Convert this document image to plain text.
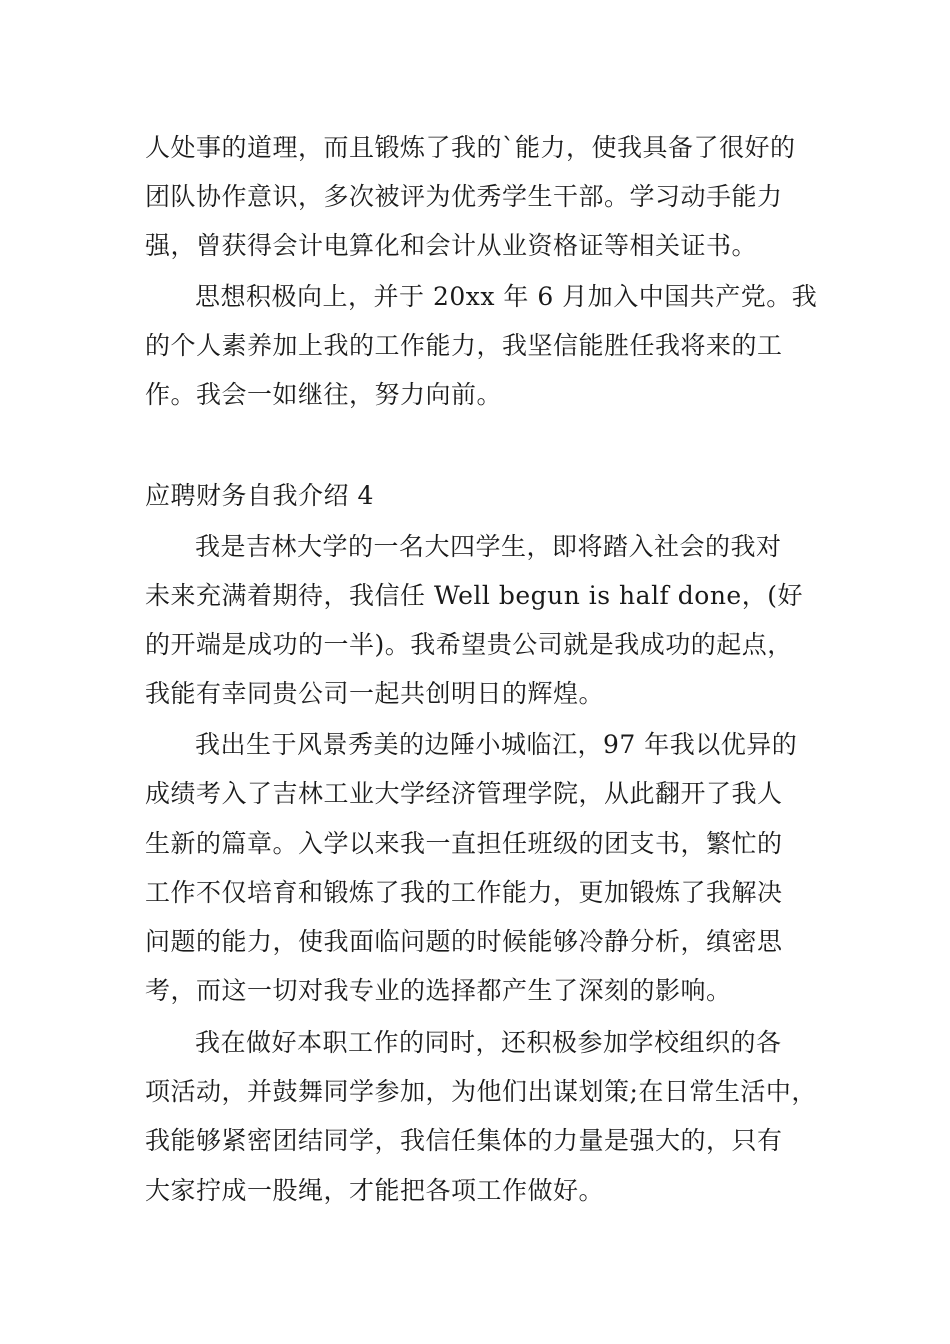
人处事的道理，而且锻炼了我的`能力，使我具备了很好的
团队协作意识，多次被评为优秀学生干部。学习动手能力
强，曾获得会计电算化和会计从业资格证等相关证书。
思想积极向上，并于 20xx 年 6 月加入中国共产党。我
的个人素养加上我的工作能力，我坚信能胜任我将来的工
作。我会一如继往，努力向前。
应聘财务自我介绍 4
我是吉林大学的一名大四学生，即将踏入社会的我对
未来充满着期待，我信任 Well begun is half done，(好
的开端是成功的一半)。我希望贵公司就是我成功的起点，
我能有幸同贵公司一起共创明日的辉煌。
我出生于风景秀美的边陲小城临江，97 年我以优异的
成绩考入了吉林工业大学经济管理学院，从此翻开了我人
生新的篇章。入学以来我一直担任班级的团支书，繁忙的
工作不仅培育和锻炼了我的工作能力，更加锻炼了我解决
问题的能力，使我面临问题的时候能够冷静分析，缜密思
考，而这一切对我专业的选择都产生了深刻的影响。
我在做好本职工作的同时，还积极参加学校组织的各
项活动，并鼓舞同学参加，为他们出谋划策;在日常生活中，
我能够紧密团结同学，我信任集体的力量是强大的，只有
大家拧成一股绳，才能把各项工作做好。
